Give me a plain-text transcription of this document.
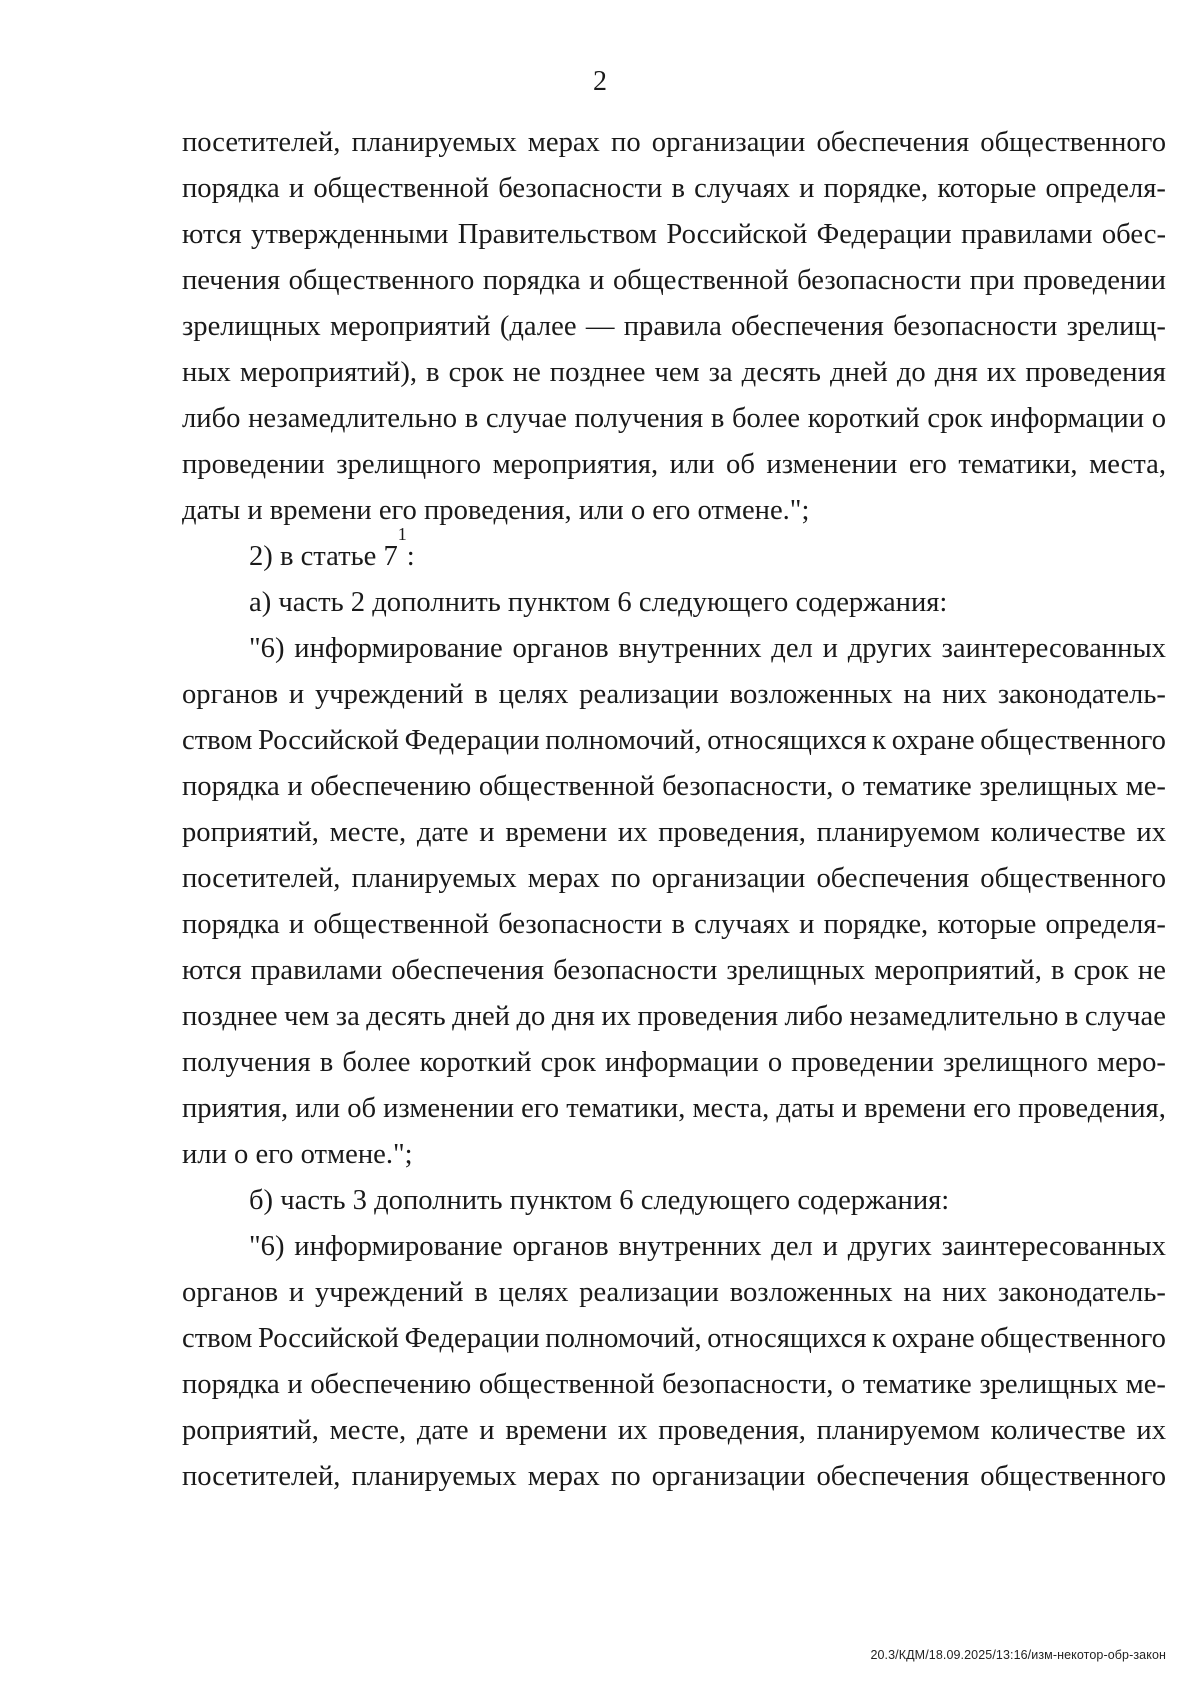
2
посетителей, планируемых мерах по организации обеспечения общественного
порядка и общественной безопасности в случаях и порядке, которые определя-
ются утвержденными Правительством Российской Федерации правилами обес-
печения общественного порядка и общественной безопасности при проведении
зрелищных мероприятий (далее — правила обеспечения безопасности зрелищ-
ных мероприятий), в срок не позднее чем за десять дней до дня их проведения
либо незамедлительно в случае получения в более короткий срок информации о
проведении зрелищного мероприятия, или об изменении его тематики, места,
даты и времени его проведения, или о его отмене.";
2) в статье 7
1
:
а) часть 2 дополнить пунктом 6 следующего содержания:
"6) информирование органов внутренних дел и других заинтересованных
органов и учреждений в целях реализации возложенных на них законодатель-
ством Российской Федерации полномочий, относящихся к охране общественного
порядка и обеспечению общественной безопасности, о тематике зрелищных ме-
роприятий, месте, дате и времени их проведения, планируемом количестве их
посетителей, планируемых мерах по организации обеспечения общественного
порядка и общественной безопасности в случаях и порядке, которые определя-
ются правилами обеспечения безопасности зрелищных мероприятий, в срок не
позднее чем за десять дней до дня их проведения либо незамедлительно в случае
получения в более короткий срок информации о проведении зрелищного меро-
приятия, или об изменении его тематики, места, даты и времени его проведения,
или о его отмене.";
б) часть 3 дополнить пунктом 6 следующего содержания:
"6) информирование органов внутренних дел и других заинтересованных
органов и учреждений в целях реализации возложенных на них законодатель-
ством Российской Федерации полномочий, относящихся к охране общественного
порядка и обеспечению общественной безопасности, о тематике зрелищных ме-
роприятий, месте, дате и времени их проведения, планируемом количестве их
посетителей, планируемых мерах по организации обеспечения общественного
20.3/КДМ/18.09.2025/13:16/изм-некотор-обр-закон
